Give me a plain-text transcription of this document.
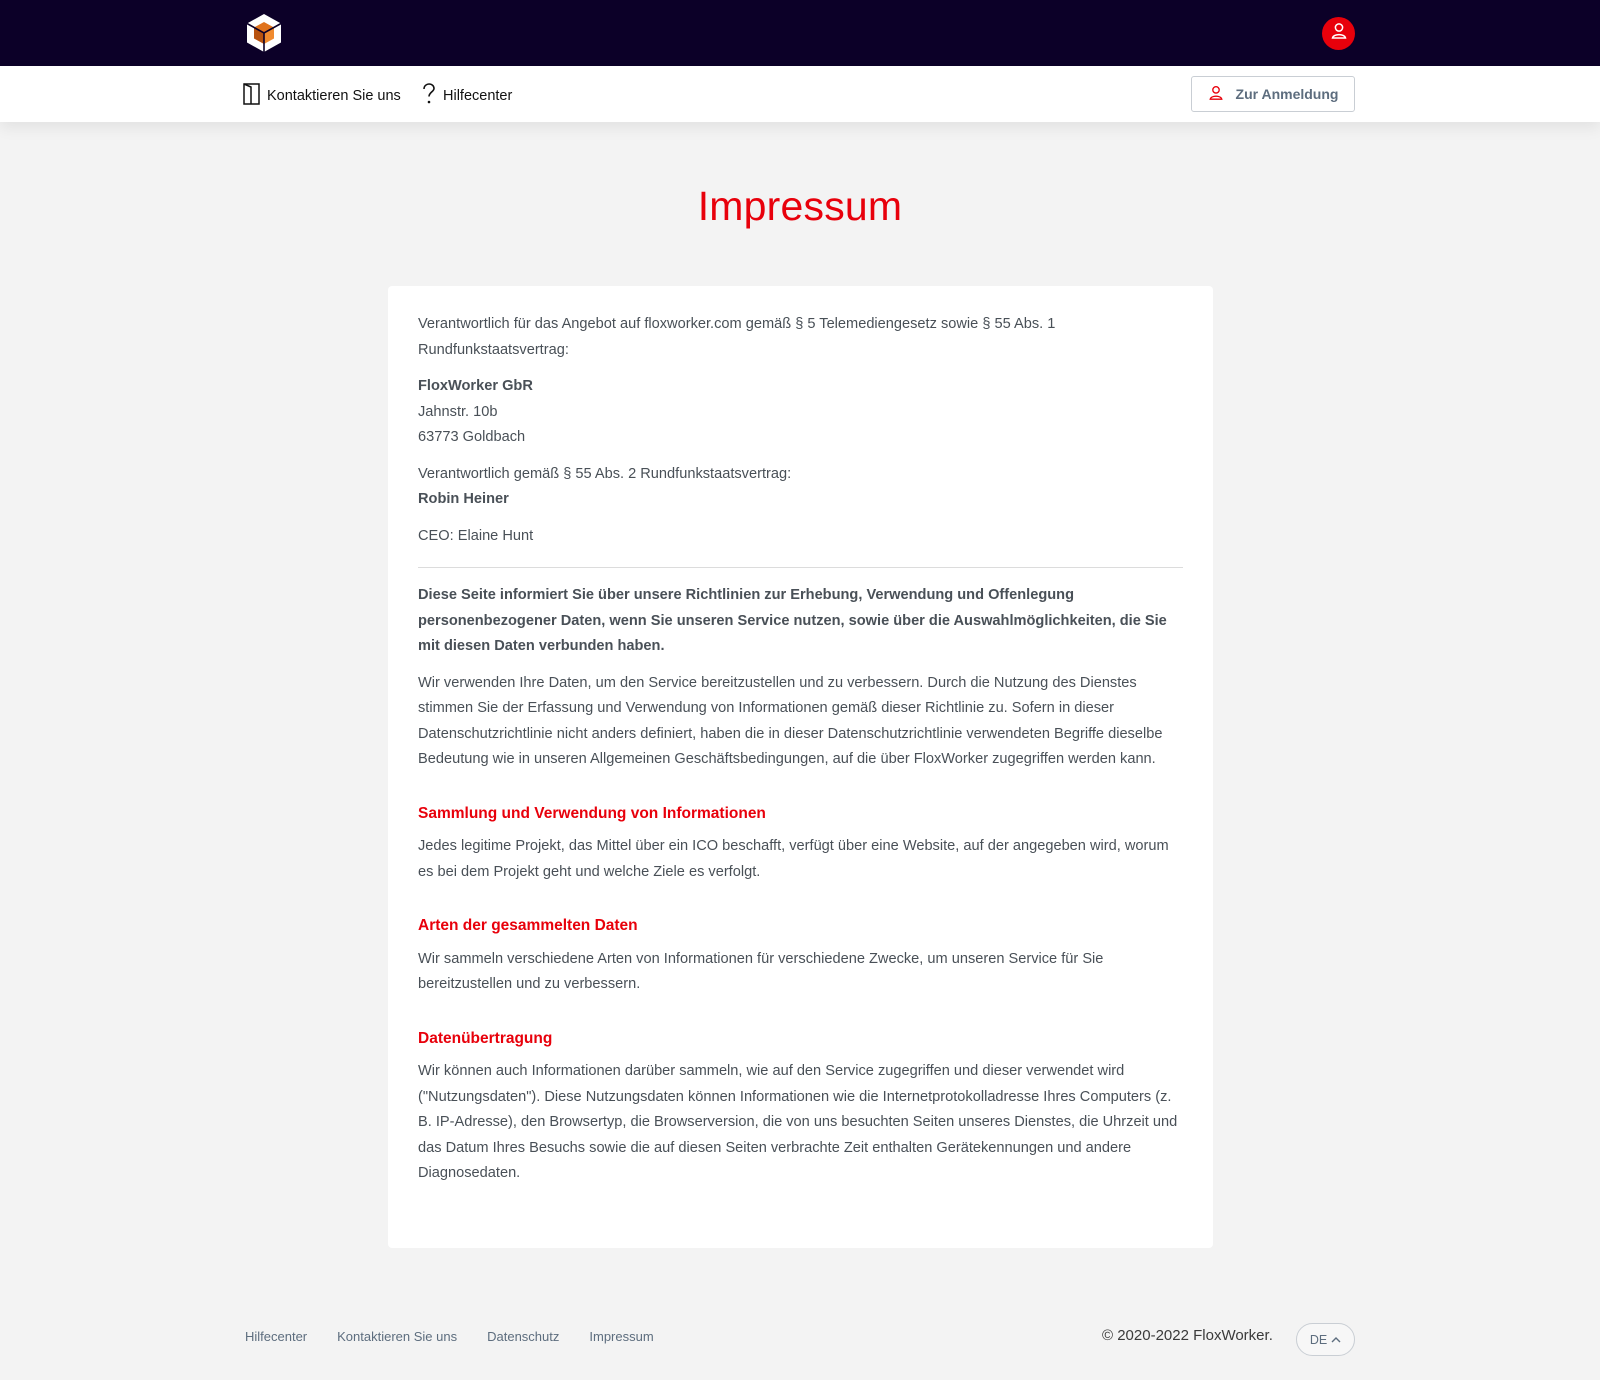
Kontaktieren Sie uns	Hilfecenter	Zur Anmeldung
Impressum

Verantwortlich für das Angebot auf floxworker.com gemäß § 5 Telemediengesetz sowie § 55 Abs. 1 Rundfunkstaatsvertrag:

FloxWorker GbR
Jahnstr. 10b
63773 Goldbach

Verantwortlich gemäß § 55 Abs. 2 Rundfunkstaatsvertrag:
Robin Heiner

CEO: Elaine Hunt

Diese Seite informiert Sie über unsere Richtlinien zur Erhebung, Verwendung und Offenlegung personenbezogener Daten, wenn Sie unseren Service nutzen, sowie über die Auswahlmöglichkeiten, die Sie mit diesen Daten verbunden haben.

Wir verwenden Ihre Daten, um den Service bereitzustellen und zu verbessern. Durch die Nutzung des Dienstes stimmen Sie der Erfassung und Verwendung von Informationen gemäß dieser Richtlinie zu. Sofern in dieser Datenschutzrichtlinie nicht anders definiert, haben die in dieser Datenschutzrichtlinie verwendeten Begriffe dieselbe Bedeutung wie in unseren Allgemeinen Geschäftsbedingungen, auf die über FloxWorker zugegriffen werden kann.

Sammlung und Verwendung von Informationen

Jedes legitime Projekt, das Mittel über ein ICO beschafft, verfügt über eine Website, auf der angegeben wird, worum es bei dem Projekt geht und welche Ziele es verfolgt.

Arten der gesammelten Daten

Wir sammeln verschiedene Arten von Informationen für verschiedene Zwecke, um unseren Service für Sie bereitzustellen und zu verbessern.

Datenübertragung

Wir können auch Informationen darüber sammeln, wie auf den Service zugegriffen und dieser verwendet wird ("Nutzungsdaten"). Diese Nutzungsdaten können Informationen wie die Internetprotokolladresse Ihres Computers (z. B. IP-Adresse), den Browsertyp, die Browserversion, die von uns besuchten Seiten unseres Dienstes, die Uhrzeit und das Datum Ihres Besuchs sowie die auf diesen Seiten verbrachte Zeit enthalten Gerätekennungen und andere Diagnosedaten.

Hilfecenter Kontaktieren Sie uns Datenschutz Impressum	© 2020-2022 FloxWorker.	DE
